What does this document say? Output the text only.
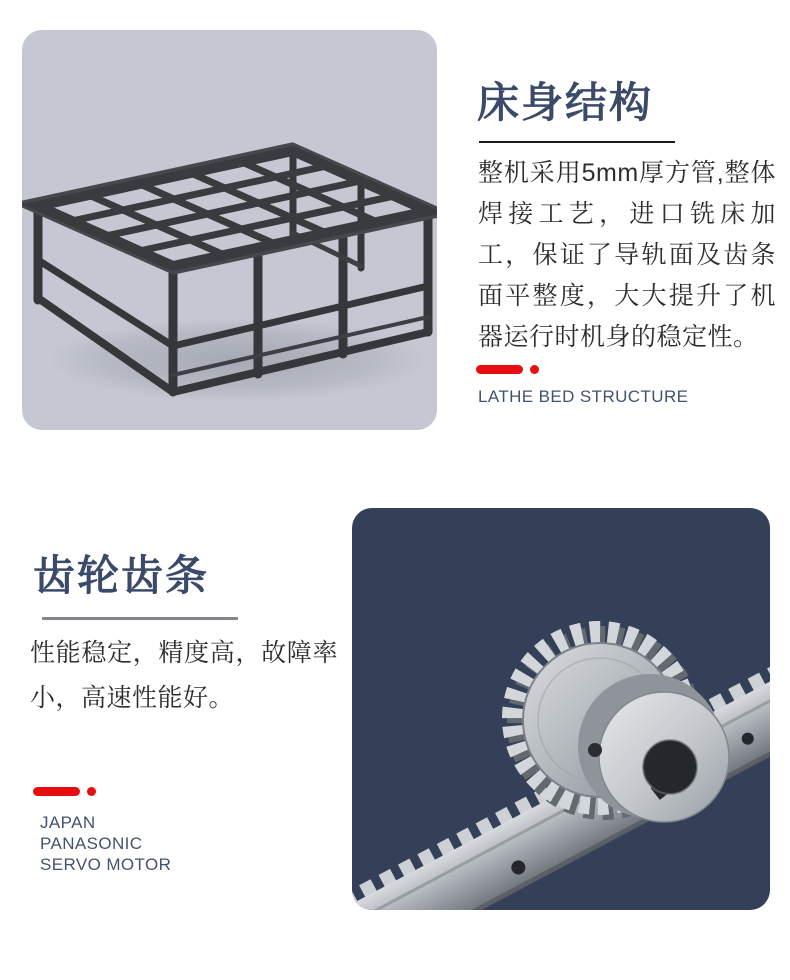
床身结构

整机采用5mm厚方管,整体焊接工艺，进口铣床加工，保证了导轨面及齿条面平整度，大大提升了机器运行时机身的稳定性。

LATHE BED STRUCTURE
齿轮齿条

性能稳定，精度高，故障率小，高速性能好。

JAPAN PANASONIC SERVO MOTOR
